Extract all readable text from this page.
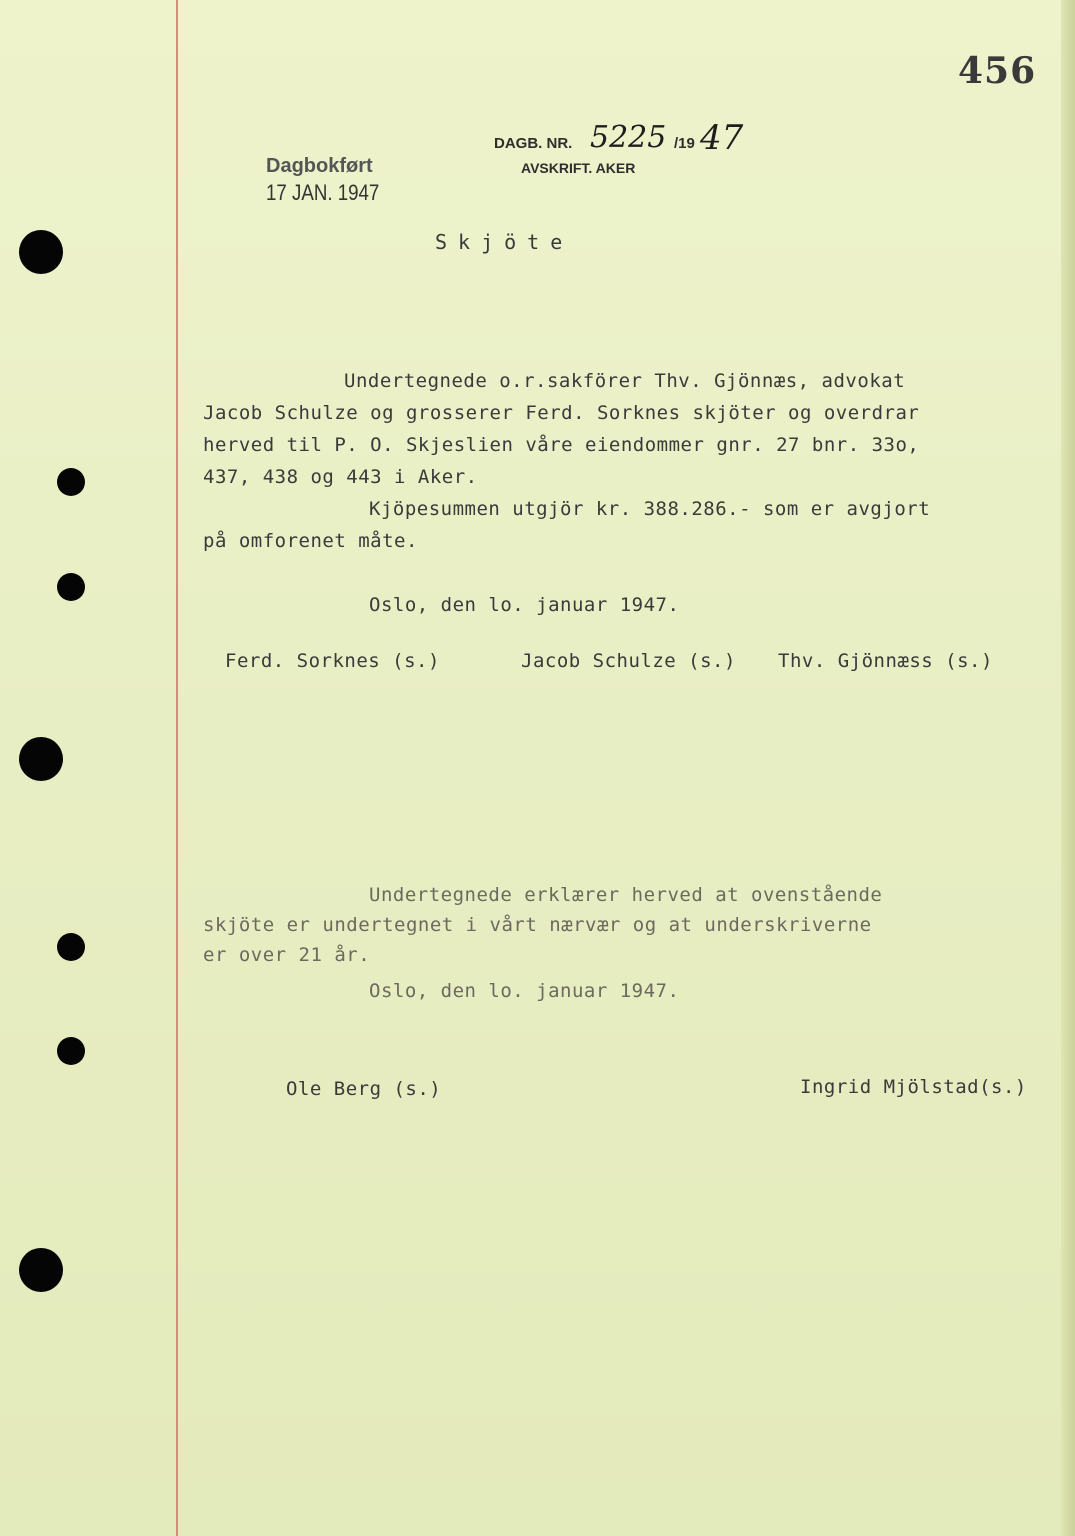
456
DAGB. NR. 5225 /19 47
AVSKRIFT. AKER
Dagbokført
17 JAN. 1947
Skjöte
Undertegnede o.r.sakförer Thv. Gjönnæs, advokat
Jacob Schulze og grosserer Ferd. Sorknes skjöter og overdrar
herved til P. O. Skjeslien våre eiendommer gnr. 27 bnr. 33o,
437, 438 og 443 i Aker.
Kjöpesummen utgjör kr. 388.286.- som er avgjort
på omforenet måte.
Oslo, den lo. januar 1947.
Ferd. Sorknes (s.)	Jacob Schulze (s.) Thv. Gjönnæss (s.)
Undertegnede erklærer herved at ovenstående
skjöte er undertegnet i vårt nærvær og at underskriverne
er over 21 år.
Oslo, den lo. januar 1947.
Ole Berg (s.)	Ingrid Mjölstad(s.)
